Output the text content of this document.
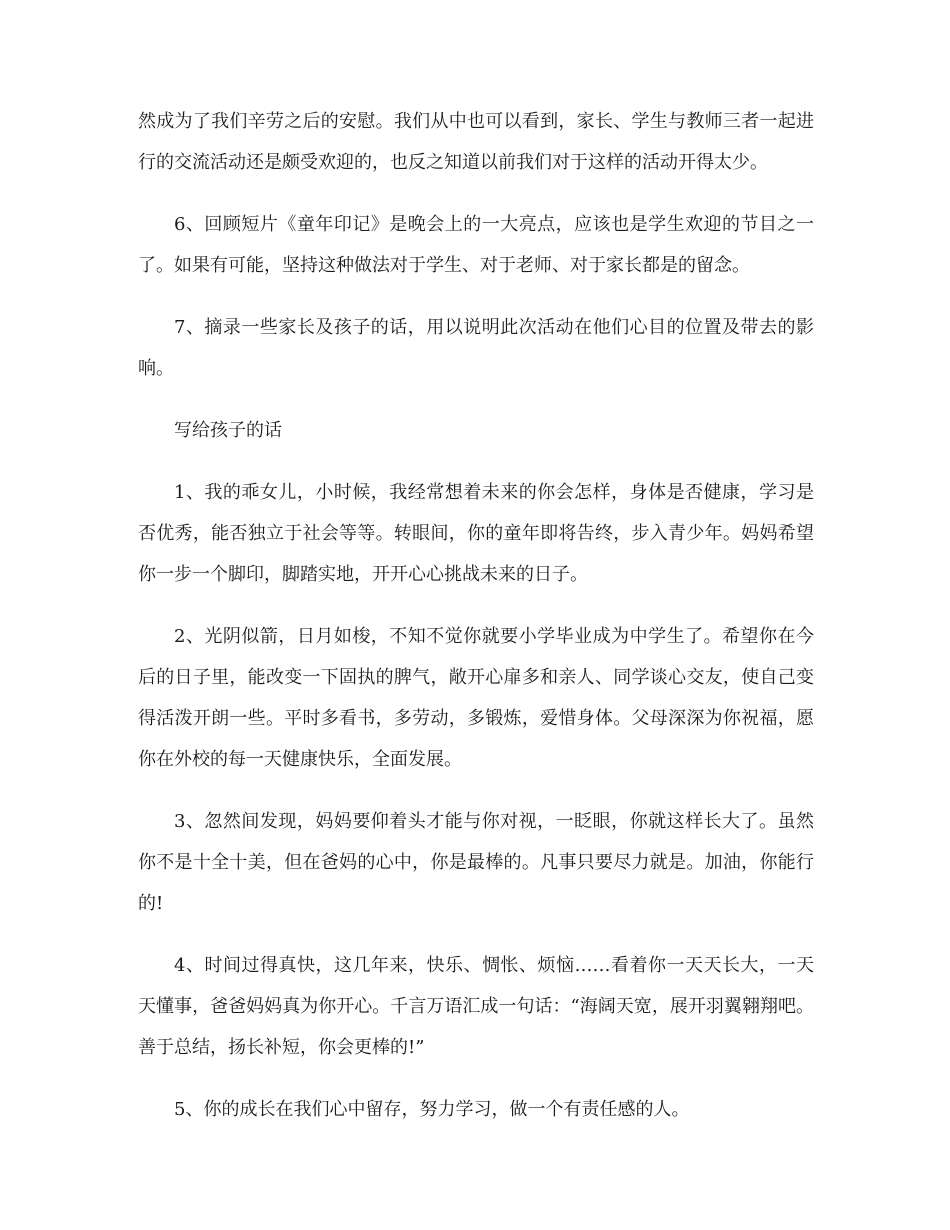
然成为了我们辛劳之后的安慰。我们从中也可以看到，家长、学生与教师三者一起进行的交流活动还是颇受欢迎的，也反之知道以前我们对于这样的活动开得太少。

6、回顾短片《童年印记》是晚会上的一大亮点，应该也是学生欢迎的节目之一了。如果有可能，坚持这种做法对于学生、对于老师、对于家长都是的留念。

7、摘录一些家长及孩子的话，用以说明此次活动在他们心目的位置及带去的影响。

写给孩子的话

1、我的乖女儿，小时候，我经常想着未来的你会怎样，身体是否健康，学习是否优秀，能否独立于社会等等。转眼间，你的童年即将告终，步入青少年。妈妈希望你一步一个脚印，脚踏实地，开开心心挑战未来的日子。

2、光阴似箭，日月如梭，不知不觉你就要小学毕业成为中学生了。希望你在今后的日子里，能改变一下固执的脾气，敞开心扉多和亲人、同学谈心交友，使自己变得活泼开朗一些。平时多看书，多劳动，多锻炼，爱惜身体。父母深深为你祝福，愿你在外校的每一天健康快乐，全面发展。

3、忽然间发现，妈妈要仰着头才能与你对视，一眨眼，你就这样长大了。虽然你不是十全十美，但在爸妈的心中，你是最棒的。凡事只要尽力就是。加油，你能行的!

4、时间过得真快，这几年来，快乐、惆怅、烦恼……看着你一天天长大，一天天懂事，爸爸妈妈真为你开心。千言万语汇成一句话：“海阔天宽，展开羽翼翱翔吧。善于总结，扬长补短，你会更棒的!”

5、你的成长在我们心中留存，努力学习，做一个有责任感的人。
